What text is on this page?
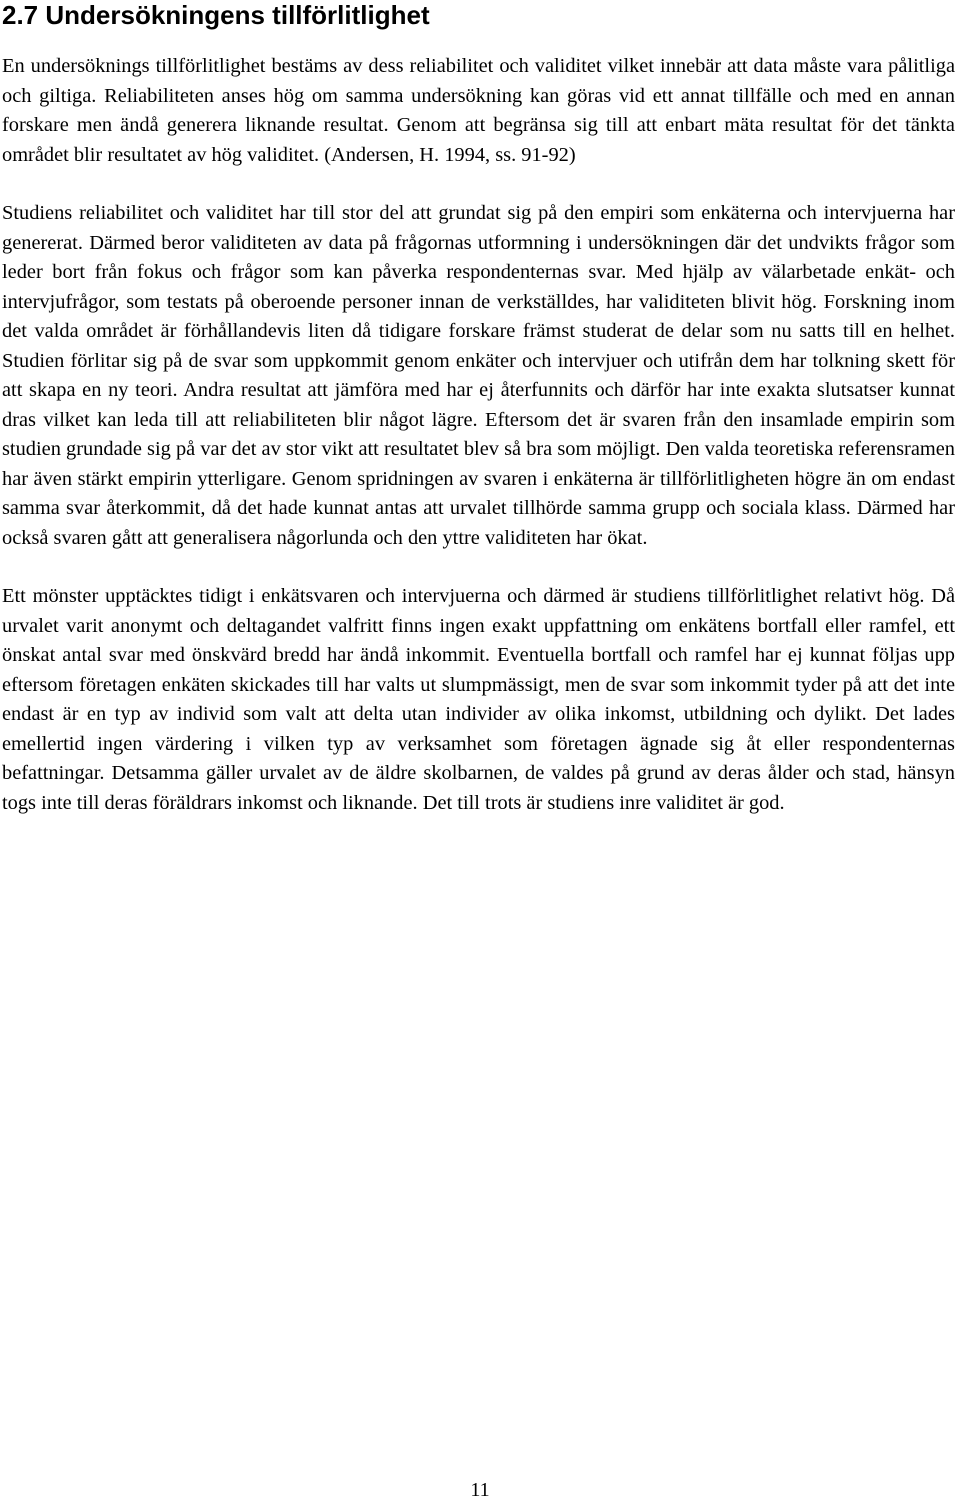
2.7 Undersökningens tillförlitlighet

En undersöknings tillförlitlighet bestäms av dess reliabilitet och validitet vilket innebär att data måste vara pålitliga och giltiga. Reliabiliteten anses hög om samma undersökning kan göras vid ett annat tillfälle och med en annan forskare men ändå generera liknande resultat. Genom att begränsa sig till att enbart mäta resultat för det tänkta området blir resultatet av hög validitet. (Andersen, H. 1994, ss. 91-92)

Studiens reliabilitet och validitet har till stor del att grundat sig på den empiri som enkäterna och intervjuerna har genererat. Därmed beror validiteten av data på frågornas utformning i undersökningen där det undvikts frågor som leder bort från fokus och frågor som kan påverka respondenternas svar. Med hjälp av välarbetade enkät- och intervjufrågor, som testats på oberoende personer innan de verkställdes, har validiteten blivit hög. Forskning inom det valda området är förhållandevis liten då tidigare forskare främst studerat de delar som nu satts till en helhet. Studien förlitar sig på de svar som uppkommit genom enkäter och intervjuer och utifrån dem har tolkning skett för att skapa en ny teori. Andra resultat att jämföra med har ej återfunnits och därför har inte exakta slutsatser kunnat dras vilket kan leda till att reliabiliteten blir något lägre. Eftersom det är svaren från den insamlade empirin som studien grundade sig på var det av stor vikt att resultatet blev så bra som möjligt. Den valda teoretiska referensramen har även stärkt empirin ytterligare. Genom spridningen av svaren i enkäterna är tillförlitligheten högre än om endast samma svar återkommit, då det hade kunnat antas att urvalet tillhörde samma grupp och sociala klass. Därmed har också svaren gått att generalisera någorlunda och den yttre validiteten har ökat.

Ett mönster upptäcktes tidigt i enkätsvaren och intervjuerna och därmed är studiens tillförlitlighet relativt hög. Då urvalet varit anonymt och deltagandet valfritt finns ingen exakt uppfattning om enkätens bortfall eller ramfel, ett önskat antal svar med önskvärd bredd har ändå inkommit. Eventuella bortfall och ramfel har ej kunnat följas upp eftersom företagen enkäten skickades till har valts ut slumpmässigt, men de svar som inkommit tyder på att det inte endast är en typ av individ som valt att delta utan individer av olika inkomst, utbildning och dylikt. Det lades emellertid ingen värdering i vilken typ av verksamhet som företagen ägnade sig åt eller respondenternas befattningar. Detsamma gäller urvalet av de äldre skolbarnen, de valdes på grund av deras ålder och stad, hänsyn togs inte till deras föräldrars inkomst och liknande. Det till trots är studiens inre validitet är god.

11
